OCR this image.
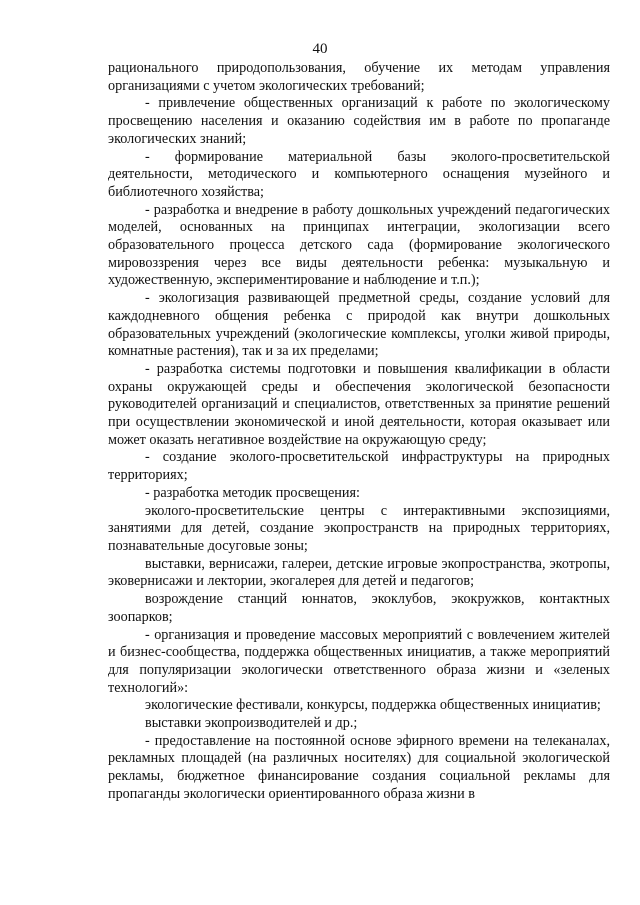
40

рационального природопользования, обучение их методам управления организациями с учетом экологических требований;

- привлечение общественных организаций к работе по экологическому просвещению населения и оказанию содействия им в работе по пропаганде экологических знаний;

- формирование материальной базы эколого-просветительской деятельности, методического и компьютерного оснащения музейного и библиотечного хозяйства;

- разработка и внедрение в работу дошкольных учреждений педагогических моделей, основанных на принципах интеграции, экологизации всего образовательного процесса детского сада (формирование экологического мировоззрения через все виды деятельности ребенка: музыкальную и художественную, экспериментирование и наблюдение и т.п.);

- экологизация развивающей предметной среды, создание условий для каждодневного общения ребенка с природой как внутри дошкольных образовательных учреждений (экологические комплексы, уголки живой природы, комнатные растения), так и за их пределами;

- разработка системы подготовки и повышения квалификации в области охраны окружающей среды и обеспечения экологической безопасности руководителей организаций и специалистов, ответственных за принятие решений при осуществлении экономической и иной деятельности, которая оказывает или может оказать негативное воздействие на окружающую среду;

- создание эколого-просветительской инфраструктуры на природных территориях;

- разработка методик просвещения:

эколого-просветительские центры с интерактивными экспозициями, занятиями для детей, создание экопространств на природных территориях, познавательные досуговые зоны;

выставки, вернисажи, галереи, детские игровые экопространства, экотропы, эковернисажи и лектории, экогалерея для детей и педагогов;

возрождение станций юннатов, экоклубов, экокружков, контактных зоопарков;

- организация и проведение массовых мероприятий с вовлечением жителей и бизнес-сообщества, поддержка общественных инициатив, а также мероприятий для популяризации экологически ответственного образа жизни и «зеленых технологий»:

экологические фестивали, конкурсы, поддержка общественных инициатив;

выставки экопроизводителей и др.;

- предоставление на постоянной основе эфирного времени на телеканалах, рекламных площадей (на различных носителях) для социальной экологической рекламы, бюджетное финансирование создания социальной рекламы для пропаганды экологически ориентированного образа жизни в
